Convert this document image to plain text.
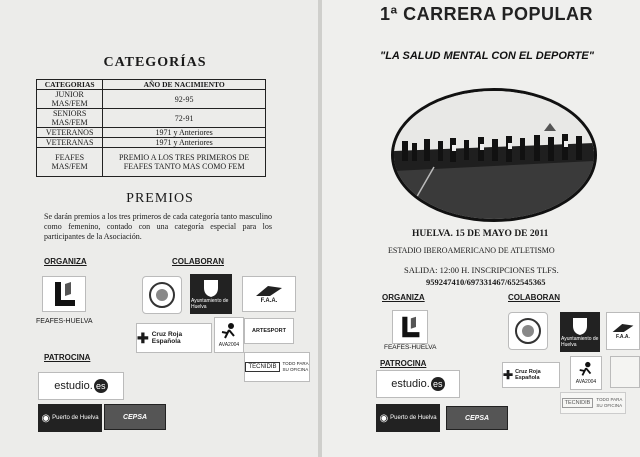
CATEGORÍAS
CATEGORIAS	AÑO DE NACIMIENTO
JUNIOR MAS/FEM	92-95
SENIORS MAS/FEM	72-91
VETERANOS	1971 y Anteriores
VETERANAS	1971 y Anteriores
FEAFES MAS/FEM	PREMIO A LOS TRES PRIMEROS DE FEAFES TANTO MAS COMO FEM
PREMIOS
Se darán premios a los tres primeros de cada categoría tanto masculino como femenino, contado con una categoría especial para los participantes de la Asociación.
ORGANIZA	COLABORAN
FEAFES-HUELVA
Ayuntamiento de Huelva
F.A.A.
✚ Cruz Roja Española	AVA2004
ARTESPORT
PATROCINA
TECNIDIB
TODO PARA SU OFICINA
estudio. es
◉ Puerto de Huelva	CEPSA
1ª CARRERA POPULAR
"LA SALUD MENTAL CON EL DEPORTE"
HUELVA. 15 DE MAYO DE 2011
ESTADIO IBEROAMERICANO DE ATLETISMO
SALIDA: 12:00 H. INSCRIPCIONES TLFS.
959247410/697331467/652545365
ORGANIZA	COLABORAN
FEAFES-HUELVA
Ayuntamiento de Huelva
F.A.A.
PATROCINA
✚ Cruz Roja Española
AVA2004
estudio. es
TECNIDIB
TODO PARA SU OFICINA
◉ Puerto de Huelva	CEPSA
